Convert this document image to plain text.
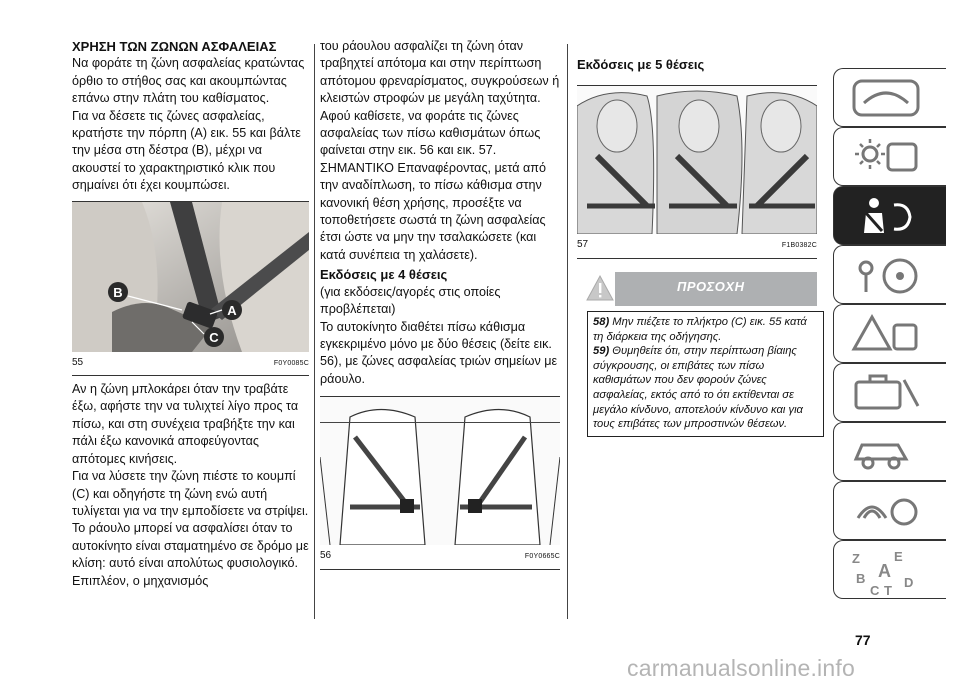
ΧΡΗΣΗ ΤΩΝ ΖΩΝΩΝ ΑΣΦΑΛΕΙΑΣ

Να φοράτε τη ζώνη ασφαλείας κρατώντας όρθιο το στήθος σας και ακουμπώντας επάνω στην πλάτη του καθίσματος.

Για να δέσετε τις ζώνες ασφαλείας, κρατήστε την πόρπη (A) εικ. 55 και βάλτε την μέσα στη δέστρα (B), μέχρι να ακουστεί το χαρακτηριστικό κλικ που σημαίνει ότι έχει κουμπώσει.

B
A
C
55	F0Y0085C

Αν η ζώνη μπλοκάρει όταν την τραβάτε έξω, αφήστε την να τυλιχτεί λίγο προς τα πίσω, και στη συνέχεια τραβήξτε την και πάλι έξω κανονικά αποφεύγοντας απότομες κινήσεις.

Για να λύσετε την ζώνη πιέστε το κουμπί (C) και οδηγήστε τη ζώνη ενώ αυτή τυλίγεται για να την εμποδίσετε να στρίψει.

Το ράουλο μπορεί να ασφαλίσει όταν το αυτοκίνητο είναι σταματημένο σε δρόμο με κλίση: αυτό είναι απολύτως φυσιολογικό. Επιπλέον, ο μηχανισμός

του ράουλου ασφαλίζει τη ζώνη όταν τραβηχτεί απότομα και στην περίπτωση απότομου φρεναρίσματος, συγκρούσεων ή κλειστών στροφών με μεγάλη ταχύτητα.

Αφού καθίσετε, να φοράτε τις ζώνες ασφαλείας των πίσω καθισμάτων όπως φαίνεται στην εικ. 56 και εικ. 57.

ΣΗΜΑΝΤΙΚΟ Επαναφέροντας, μετά από την αναδίπλωση, το πίσω κάθισμα στην κανονική θέση χρήσης, προσέξτε να τοποθετήσετε σωστά τη ζώνη ασφαλείας έτσι ώστε να μην την τσαλακώσετε (και κατά συνέπεια τη χαλάσετε).

Εκδόσεις με 4 θέσεις

(για εκδόσεις/αγορές στις οποίες προβλέπεται)

Το αυτοκίνητο διαθέτει πίσω κάθισμα εγκεκριμένο μόνο με δύο θέσεις (δείτε εικ. 56), με ζώνες ασφαλείας τριών σημείων με ράουλο.

56	F0Y0665C

Εκδόσεις με 5 θέσεις

57	F1B0382C
ΠΡΟΣΟΧΗ

58) Μην πιέζετε το πλήκτρο (C) εικ. 55 κατά τη διάρκεια της οδήγησης.

59) Θυμηθείτε ότι, στην περίπτωση βίαιης σύγκρουσης, οι επιβάτες των πίσω καθισμάτων που δεν φορούν ζώνες ασφαλείας, εκτός από το ότι εκτίθενται σε μεγάλο κίνδυνο, αποτελούν κίνδυνο και για τους επιβάτες των μπροστινών θέσεων.

Z	E
B A
C T
D
77
carmanualsonline.info
